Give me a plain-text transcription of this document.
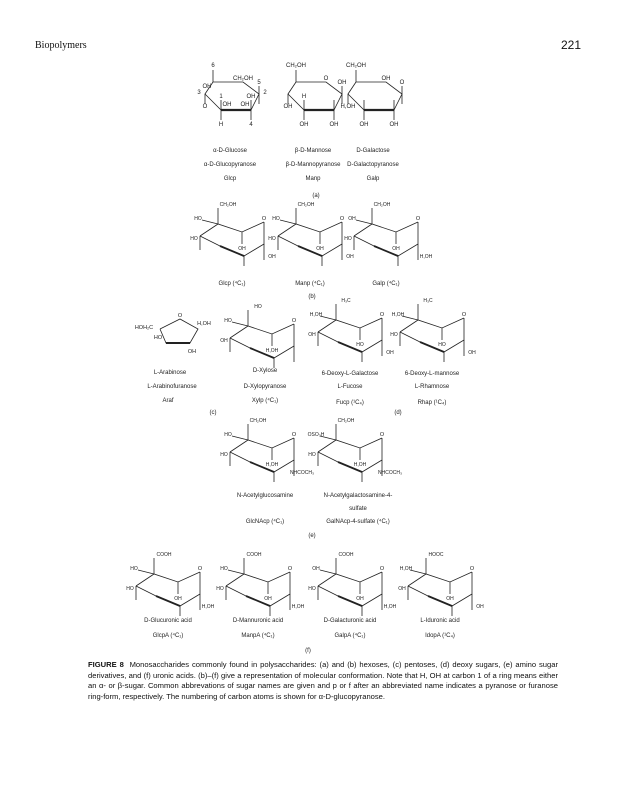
Biopolymers	221
6
CH₂OH
5
O
H	4
1	OH
3	2
OH OH
OH
α-D-Glucose
α-D-Glucopyranose
Glcp
CH₂OH
O
OH
OH
OH	OH
H
β-D-Mannose
β-D-Mannopyranose
Manp
CH₂OH
OH
O
H,OH
OH	OH
D-Galactose
D-Galactopyranose
Galp
(a)
HO
CH₂OH
HO
OH
OH
O
Glcp (⁴C₁)
HO
CH₂OH
HO
OH
OH
O
Manp (⁴C₁)
OH
CH₂OH
HO
OH
H,OH
O
Galp (⁴C₁)
(b)
HOH₂C
H,OH
HO
OH
O
L-Arabinose
L-Arabinofuranose
Araf
HO
HO
OH
H,OH
O
D-Xylose
D-Xylopyranose
Xylp (⁴C₁)
(c)
H,OH
H₃C
OH
HO
OH
O
6-Deoxy-L-Galactose
L-Fucose
Fucp (¹C₄)
H,OH
H₃C
HO
HO
OH
O
6-Deoxy-L-mannose
L-Rhamnose
Rhap (¹C₄)
(d)
HO
CH₂OH
HO
H,OH
NHCOCH₃
O
N-Acetylglucosamine
GlcNAcp (⁴C₁)
OSO₃H
CH₂OH
HO
H,OH
NHCOCH₃
O
N-Acetylgalactosamine-4-
sulfate
GalNAcp-4-sulfate (⁴C₁)
(e)
HO
COOH
HO
OH
H,OH
O
D-Glucuronic acid
GlcpA (⁴C₁)
HO
COOH
HO
OH
H,OH
O
D-Mannuronic acid
ManpA (⁴C₁)
OH
COOH
HO
OH
H,OH
O
D-Galacturonic acid
GalpA (⁴C₁)
H,OH
HOOC
OH
OH
OH
O
L-Iduronic acid
IdopA (¹C₄)
(f)
FIGURE 8 Monosaccharides commonly found in polysaccharides: (a) and (b) hexoses, (c) pentoses, (d) deoxy sugars, (e) amino sugar derivatives, and (f) uronic acids. (b)–(f) give a representation of molecular conformation. Note that H, OH at carbon 1 of a ring means either an α- or β-sugar. Common abbrevations of sugar names are given and p or f after an abbreviated name indicates a pyranose or furanose ring-form, respectively. The numbering of carbon atoms is shown for α-D-glucopyranose.
